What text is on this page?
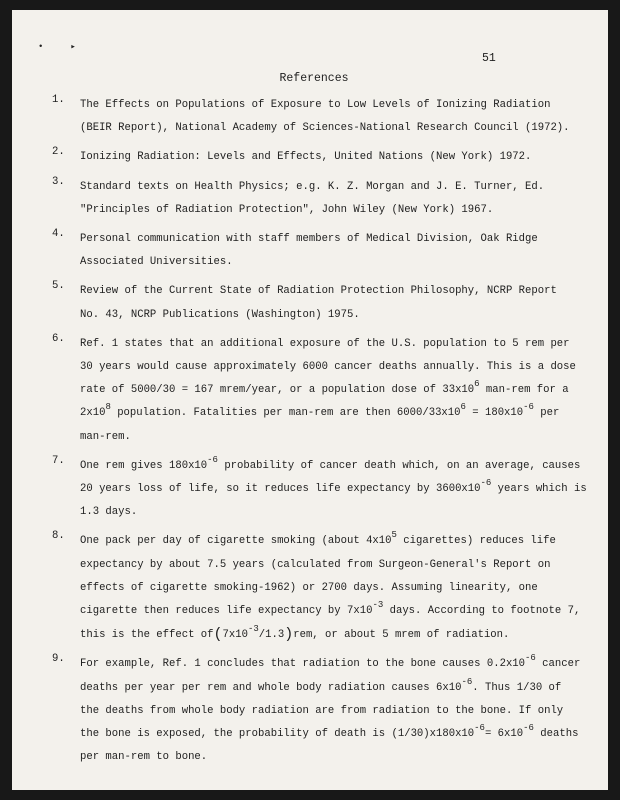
•	▸
51
References
1. The Effects on Populations of Exposure to Low Levels of Ionizing Radiation
(BEIR Report), National Academy of Sciences-National Research Council (1972).
2. Ionizing Radiation: Levels and Effects, United Nations (New York) 1972.
3. Standard texts on Health Physics; e.g. K. Z. Morgan and J. E. Turner, Ed.
"Principles of Radiation Protection", John Wiley (New York) 1967.
4. Personal communication with staff members of Medical Division, Oak Ridge
Associated Universities.
5. Review of the Current State of Radiation Protection Philosophy, NCRP Report
No. 43, NCRP Publications (Washington) 1975.
6. Ref. 1 states that an additional exposure of the U.S. population to 5 rem per
30 years would cause approximately 6000 cancer deaths annually. This is a dose
rate of 5000/30 = 167 mrem/year, or a population dose of $33x10^6$ man-rem for a
$2x10^8$ population. Fatalities per man-rem are then $6000/33x10^6 = 180x10^{-6}$ per
man-rem.
7. One rem gives $180x10^{-6}$ probability of cancer death which, on an average, causes
20 years loss of life, so it reduces life expectancy by $3600x10^{-6}$ years which is
1.3 days.
8. One pack per day of cigarette smoking (about $4x10^5$ cigarettes) reduces life
expectancy by about 7.5 years (calculated from Surgeon-General's Report on
effects of cigarette smoking-1962) or 2700 days. Assuming linearity, one
cigarette then reduces life expectancy by $7x10^{-3}$ days. According to footnote 7,
this is the effect $of(7x10^{-3}/1.3)rem$, or about 5 mrem of radiation.
9. For example, Ref. 1 concludes that radiation to the bone causes $0.2x10^{-6}$ cancer
deaths per year per rem and whole body radiation causes $6x10^{-6}$. Thus 1/30 of
the deaths from whole body radiation are from radiation to the bone. If only
the bone is exposed, the probability of death is $(1/30)x180x10^{-6}= 6x10^{-6}$ deaths
per man-rem to bone.
